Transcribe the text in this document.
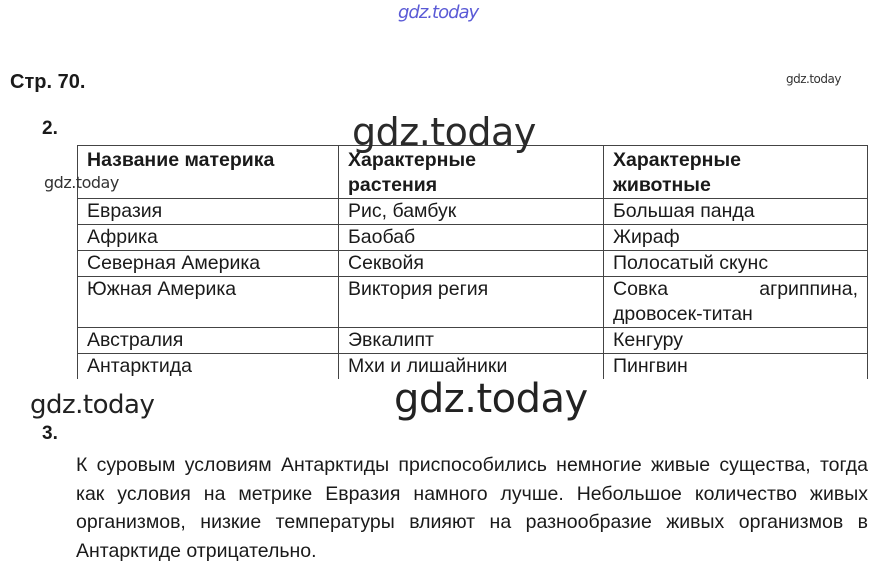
gdz.today
gdz.today
Стр. 70.
2.
Название материка	Характерные растения	Характерные животные
Евразия	Рис, бамбук	Большая панда
Африка	Баобаб	Жираф
Северная Америка	Секвойя	Полосатый скунс
Южная Америка	Виктория регия	Совка агриппина,
дровосек-титан

Австралия	Эвкалипт	Кенгуру
Антарктида	Мхи и лишайники	Пингвин
gdz.today
gdz.today
gdz.today	gdz.today
3.

К суровым условиям Антарктиды приспособились немногие живые существа, тогда как условия на метрике Евразия намного лучше. Небольшое количество живых организмов, низкие температуры влияют на разнообразие живых организмов в Антарктиде отрицательно.
